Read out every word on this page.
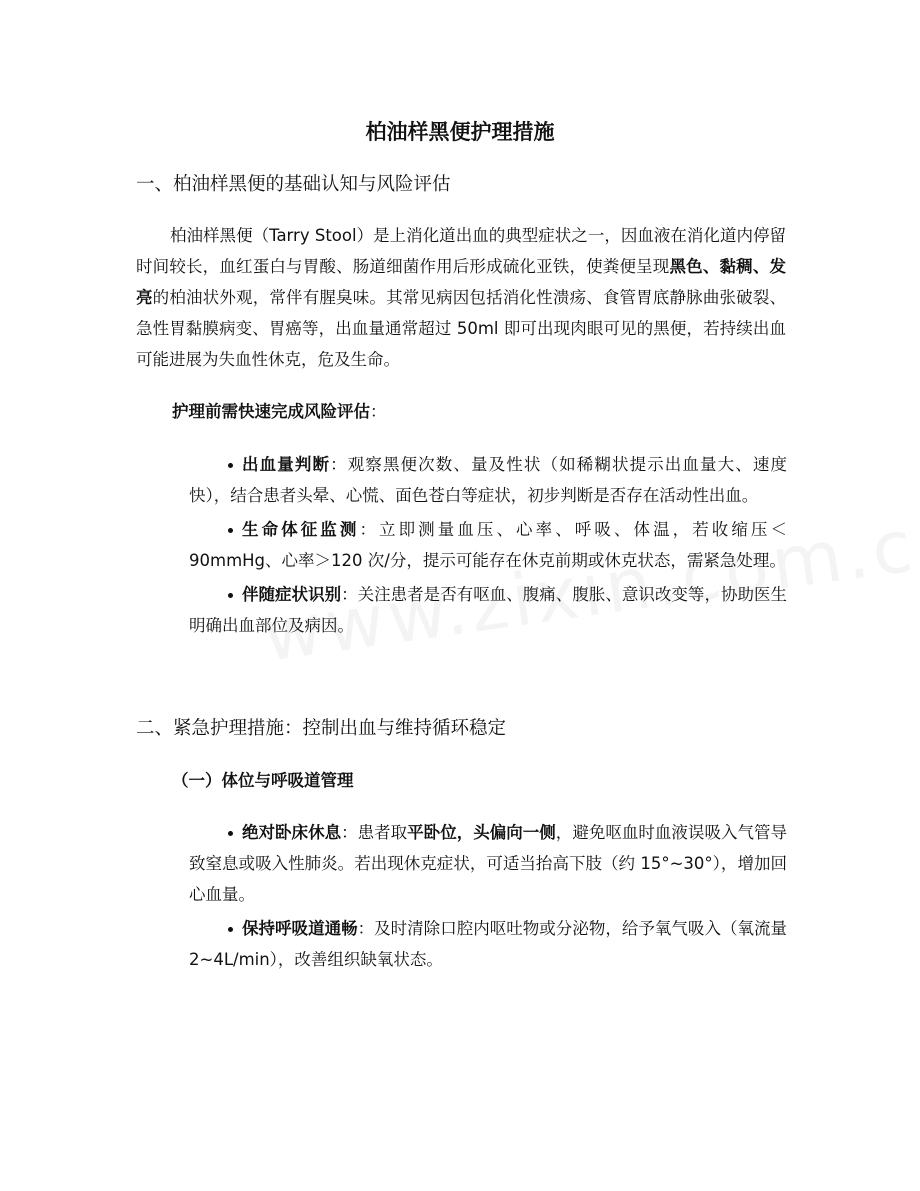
柏油样黑便护理措施
一、柏油样黑便的基础认知与风险评估

柏油样黑便（Tarry Stool）是上消化道出血的典型症状之一，因血液在消化道内停留时间较长，血红蛋白与胃酸、肠道细菌作用后形成硫化亚铁，使粪便呈现黑色、黏稠、发亮的柏油状外观，常伴有腥臭味。其常见病因包括消化性溃疡、食管胃底静脉曲张破裂、急性胃黏膜病变、胃癌等，出血量通常超过 50ml 即可出现肉眼可见的黑便，若持续出血可能进展为失血性休克，危及生命。

护理前需快速完成风险评估：

出血量判断：观察黑便次数、量及性状（如稀糊状提示出血量大、速度快），结合患者头晕、心慌、面色苍白等症状，初步判断是否存在活动性出血。
生命体征监测：立即测量血压、心率、呼吸、体温，若收缩压＜90mmHg、心率＞120 次/分，提示可能存在休克前期或休克状态，需紧急处理。
伴随症状识别：关注患者是否有呕血、腹痛、腹胀、意识改变等，协助医生明确出血部位及病因。
二、紧急护理措施：控制出血与维持循环稳定

（一）体位与呼吸道管理

绝对卧床休息：患者取平卧位，头偏向一侧，避免呕血时血液误吸入气管导致窒息或吸入性肺炎。若出现休克症状，可适当抬高下肢（约 15°~30°），增加回心血量。
保持呼吸道通畅：及时清除口腔内呕吐物或分泌物，给予氧气吸入（氧流量 2~4L/min），改善组织缺氧状态。
